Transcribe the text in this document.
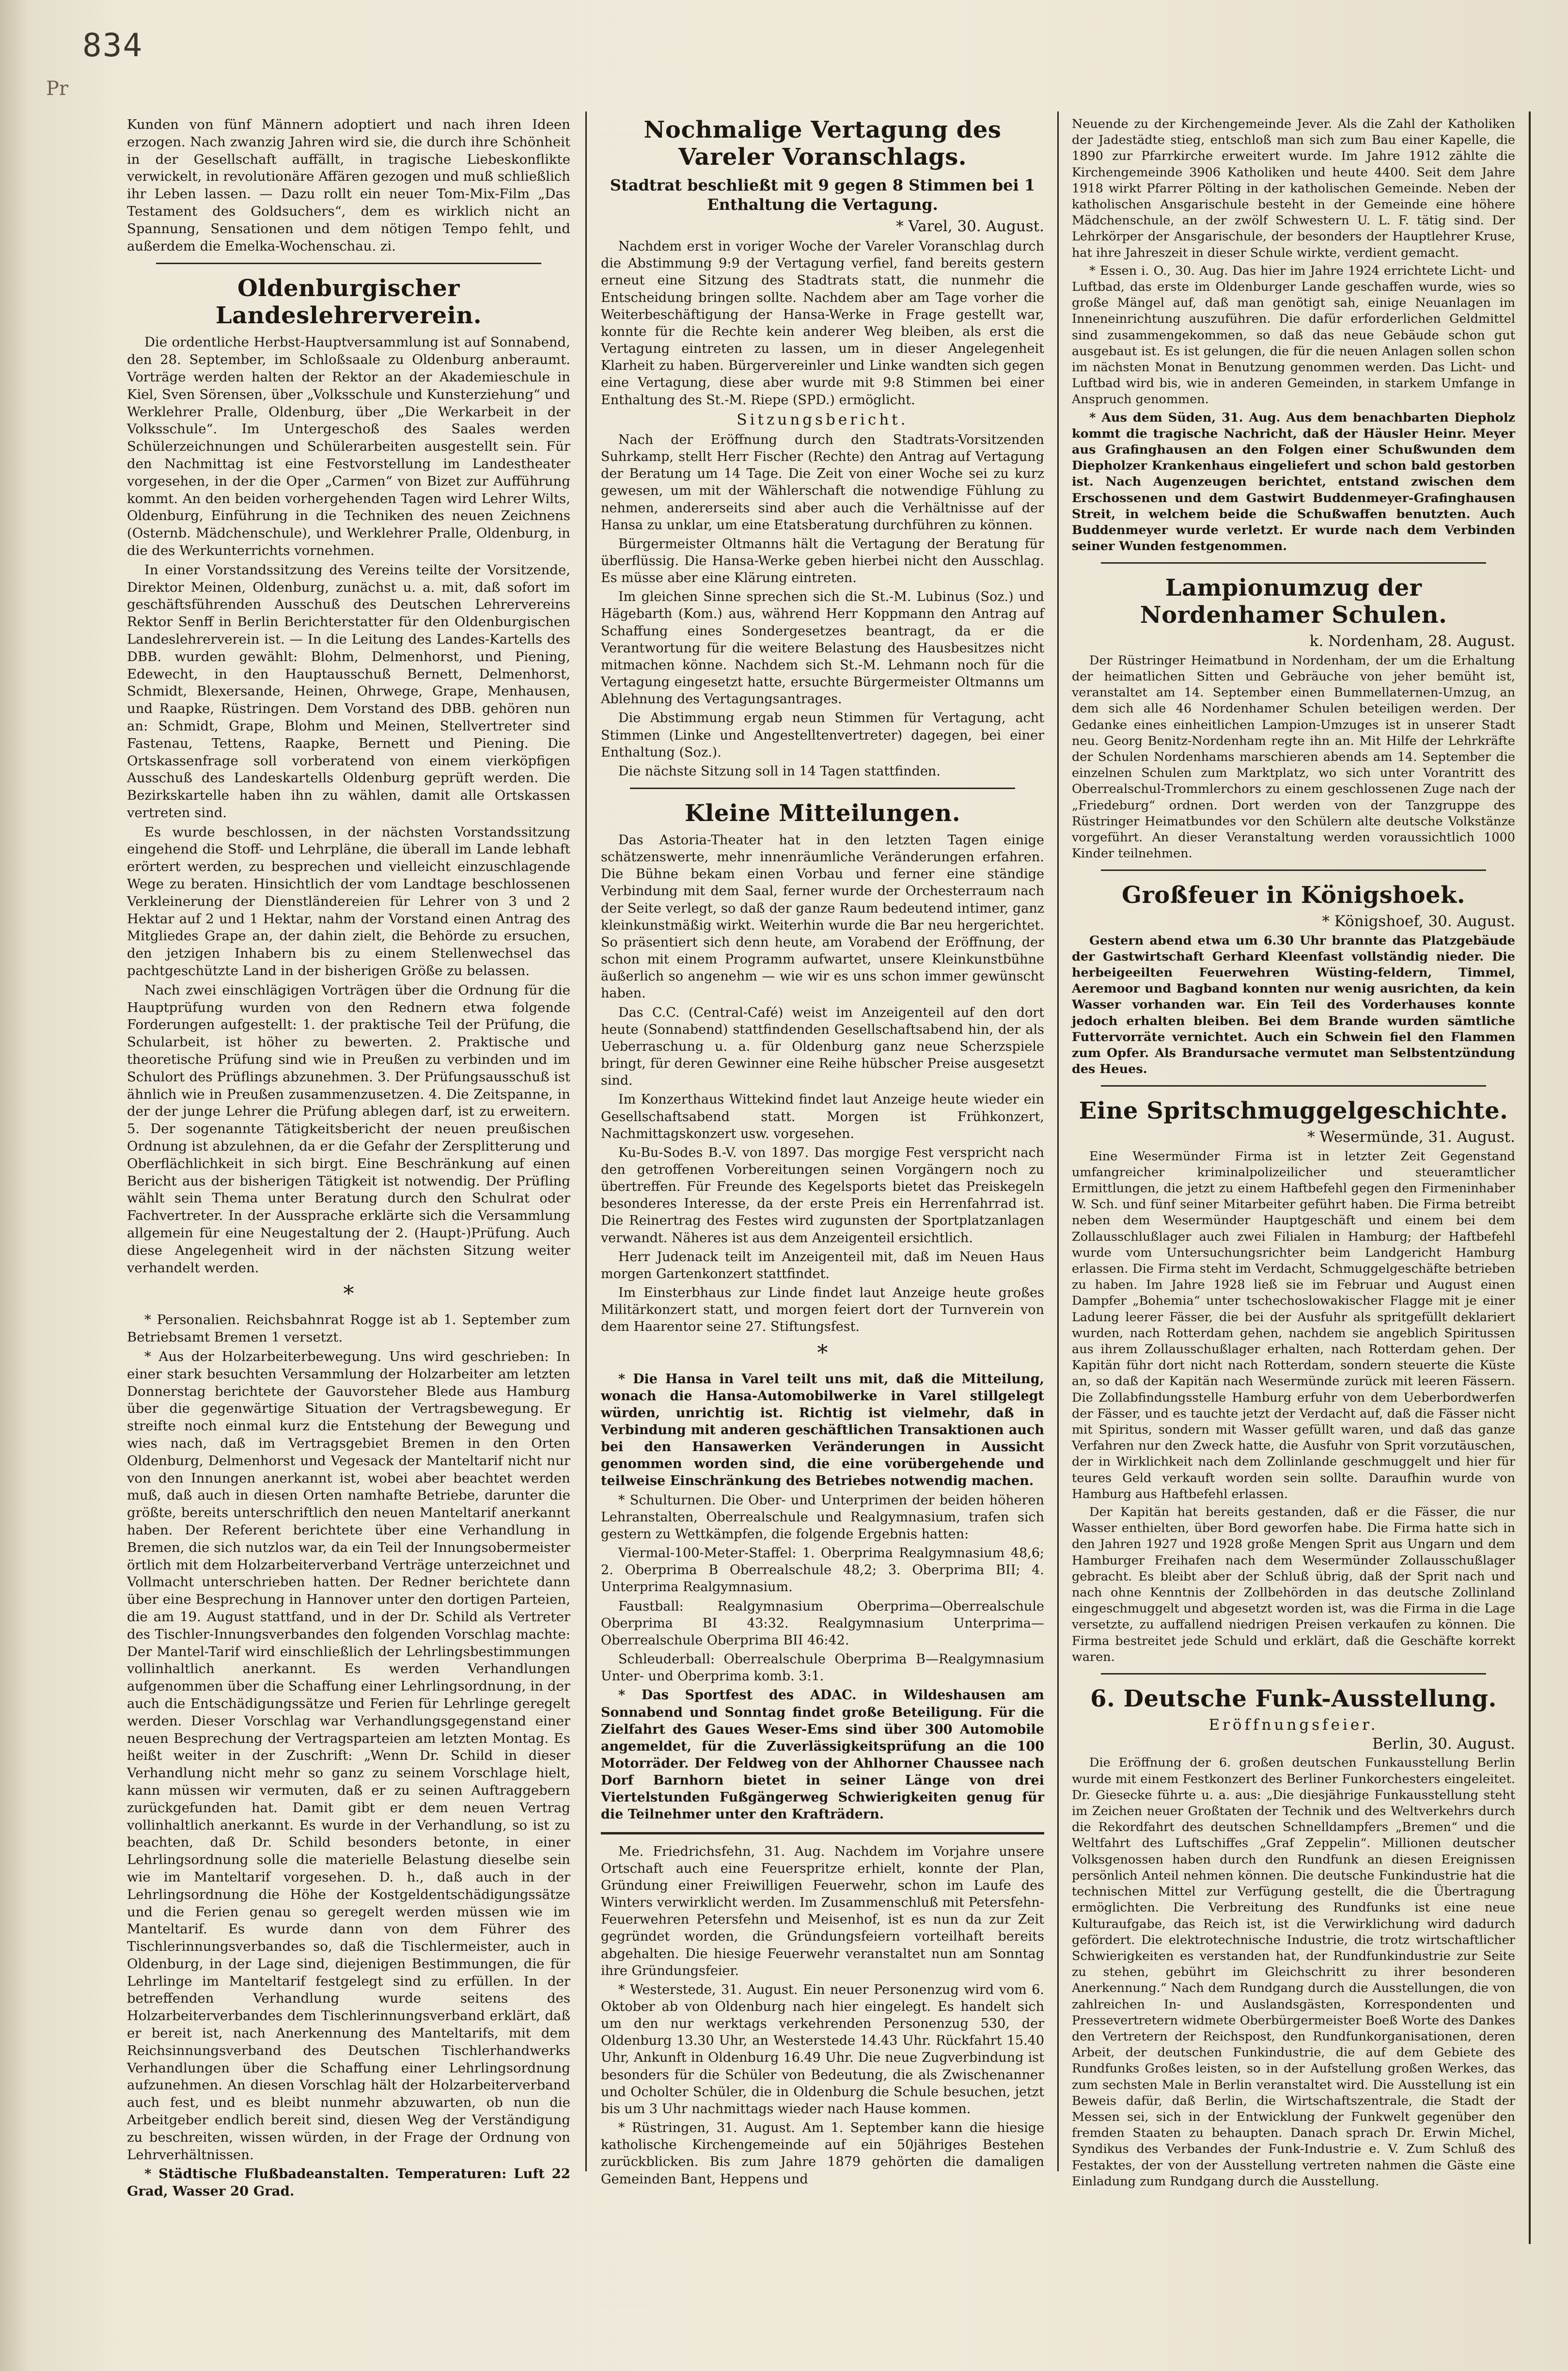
Pr
834

Kunden von fünf Männern adoptiert und nach ihren Ideen erzogen. Nach zwanzig Jahren wird sie, die durch ihre Schönheit in der Gesellschaft auffällt, in tragische Liebeskonflikte verwickelt, in revolutionäre Affären gezogen und muß schließlich ihr Leben lassen. — Dazu rollt ein neuer Tom-Mix-Film „Das Testament des Goldsuchers“, dem es wirklich nicht an Spannung, Sensationen und dem nötigen Tempo fehlt, und außerdem die Emelka-Wochenschau. zi.

Oldenburgischer Landeslehrerverein.

Die ordentliche Herbst-Hauptversammlung ist auf Sonnabend, den 28. September, im Schloßsaale zu Oldenburg anberaumt. Vorträge werden halten der Rektor an der Akademieschule in Kiel, Sven Sörensen, über „Volksschule und Kunsterziehung“ und Werklehrer Pralle, Oldenburg, über „Die Werkarbeit in der Volksschule“. Im Untergeschoß des Saales werden Schülerzeichnungen und Schülerarbeiten ausgestellt sein. Für den Nachmittag ist eine Festvorstellung im Landestheater vorgesehen, in der die Oper „Carmen“ von Bizet zur Aufführung kommt. An den beiden vorhergehenden Tagen wird Lehrer Wilts, Oldenburg, Einführung in die Techniken des neuen Zeichnens (Osternb. Mädchenschule), und Werklehrer Pralle, Oldenburg, in die des Werkunterrichts vornehmen.

In einer Vorstandssitzung des Vereins teilte der Vorsitzende, Direktor Meinen, Oldenburg, zunächst u. a. mit, daß sofort im geschäftsführenden Ausschuß des Deutschen Lehrervereins Rektor Senff in Berlin Berichterstatter für den Oldenburgischen Landeslehrerverein ist. — In die Leitung des Landes-Kartells des DBB. wurden gewählt: Blohm, Delmenhorst, und Piening, Edewecht, in den Hauptausschuß Bernett, Delmenhorst, Schmidt, Blexersande, Heinen, Ohrwege, Grape, Menhausen, und Raapke, Rüstringen. Dem Vorstand des DBB. gehören nun an: Schmidt, Grape, Blohm und Meinen, Stellvertreter sind Fastenau, Tettens, Raapke, Bernett und Piening. Die Ortskassenfrage soll vorberatend von einem vierköpfigen Ausschuß des Landeskartells Oldenburg geprüft werden. Die Bezirkskartelle haben ihn zu wählen, damit alle Ortskassen vertreten sind.

Es wurde beschlossen, in der nächsten Vorstandssitzung eingehend die Stoff- und Lehrpläne, die überall im Lande lebhaft erörtert werden, zu besprechen und vielleicht einzuschlagende Wege zu beraten. Hinsichtlich der vom Landtage beschlossenen Verkleinerung der Dienstländereien für Lehrer von 3 und 2 Hektar auf 2 und 1 Hektar, nahm der Vorstand einen Antrag des Mitgliedes Grape an, der dahin zielt, die Behörde zu ersuchen, den jetzigen Inhabern bis zu einem Stellenwechsel das pachtgeschützte Land in der bisherigen Größe zu belassen.

Nach zwei einschlägigen Vorträgen über die Ordnung für die Hauptprüfung wurden von den Rednern etwa folgende Forderungen aufgestellt: 1. der praktische Teil der Prüfung, die Schularbeit, ist höher zu bewerten. 2. Praktische und theoretische Prüfung sind wie in Preußen zu verbinden und im Schulort des Prüflings abzunehmen. 3. Der Prüfungsausschuß ist ähnlich wie in Preußen zusammenzusetzen. 4. Die Zeitspanne, in der der junge Lehrer die Prüfung ablegen darf, ist zu erweitern. 5. Der sogenannte Tätigkeitsbericht der neuen preußischen Ordnung ist abzulehnen, da er die Gefahr der Zersplitterung und Oberflächlichkeit in sich birgt. Eine Beschränkung auf einen Bericht aus der bisherigen Tätigkeit ist notwendig. Der Prüfling wählt sein Thema unter Beratung durch den Schulrat oder Fachvertreter. In der Aussprache erklärte sich die Versammlung allgemein für eine Neugestaltung der 2. (Haupt-)Prüfung. Auch diese Angelegenheit wird in der nächsten Sitzung weiter verhandelt werden.

*

* Personalien. Reichsbahnrat Rogge ist ab 1. September zum Betriebsamt Bremen 1 versetzt.

* Aus der Holzarbeiterbewegung. Uns wird geschrieben: In einer stark besuchten Versammlung der Holzarbeiter am letzten Donnerstag berichtete der Gauvorsteher Blede aus Hamburg über die gegenwärtige Situation der Vertragsbewegung. Er streifte noch einmal kurz die Entstehung der Bewegung und wies nach, daß im Vertragsgebiet Bremen in den Orten Oldenburg, Delmenhorst und Vegesack der Manteltarif nicht nur von den Innungen anerkannt ist, wobei aber beachtet werden muß, daß auch in diesen Orten namhafte Betriebe, darunter die größte, bereits unterschriftlich den neuen Manteltarif anerkannt haben. Der Referent berichtete über eine Verhandlung in Bremen, die sich nutzlos war, da ein Teil der Innungsobermeister örtlich mit dem Holzarbeiterverband Verträge unterzeichnet und Vollmacht unterschrieben hatten. Der Redner berichtete dann über eine Besprechung in Hannover unter den dortigen Parteien, die am 19. August stattfand, und in der Dr. Schild als Vertreter des Tischler-Innungsverbandes den folgenden Vorschlag machte: Der Mantel-Tarif wird einschließlich der Lehrlingsbestimmungen vollinhaltlich anerkannt. Es werden Verhandlungen aufgenommen über die Schaffung einer Lehrlingsordnung, in der auch die Entschädigungssätze und Ferien für Lehrlinge geregelt werden. Dieser Vorschlag war Verhandlungsgegenstand einer neuen Besprechung der Vertragsparteien am letzten Montag. Es heißt weiter in der Zuschrift: „Wenn Dr. Schild in dieser Verhandlung nicht mehr so ganz zu seinem Vorschlage hielt, kann müssen wir vermuten, daß er zu seinen Auftraggebern zurückgefunden hat. Damit gibt er dem neuen Vertrag vollinhaltlich anerkannt. Es wurde in der Verhandlung, so ist zu beachten, daß Dr. Schild besonders betonte, in einer Lehrlingsordnung solle die materielle Belastung dieselbe sein wie im Manteltarif vorgesehen. D. h., daß auch in der Lehrlingsordnung die Höhe der Kostgeldentschädigungssätze und die Ferien genau so geregelt werden müssen wie im Manteltarif. Es wurde dann von dem Führer des Tischlerinnungsverbandes so, daß die Tischlermeister, auch in Oldenburg, in der Lage sind, diejenigen Bestimmungen, die für Lehrlinge im Manteltarif festgelegt sind zu erfüllen. In der betreffenden Verhandlung wurde seitens des Holzarbeiterverbandes dem Tischlerinnungsverband erklärt, daß er bereit ist, nach Anerkennung des Manteltarifs, mit dem Reichsinnungsverband des Deutschen Tischlerhandwerks Verhandlungen über die Schaffung einer Lehrlingsordnung aufzunehmen. An diesen Vorschlag hält der Holzarbeiterverband auch fest, und es bleibt nunmehr abzuwarten, ob nun die Arbeitgeber endlich bereit sind, diesen Weg der Verständigung zu beschreiten, wissen würden, in der Frage der Ordnung von Lehrverhältnissen.

* Städtische Flußbadeanstalten. Temperaturen: Luft 22 Grad, Wasser 20 Grad.

Nochmalige Vertagung des Vareler Voranschlags.
Stadtrat beschließt mit 9 gegen 8 Stimmen bei 1 Enthaltung die Vertagung.
* Varel, 30. August.

Nachdem erst in voriger Woche der Vareler Voranschlag durch die Abstimmung 9:9 der Vertagung verfiel, fand bereits gestern erneut eine Sitzung des Stadtrats statt, die nunmehr die Entscheidung bringen sollte. Nachdem aber am Tage vorher die Weiterbeschäftigung der Hansa-Werke in Frage gestellt war, konnte für die Rechte kein anderer Weg bleiben, als erst die Vertagung eintreten zu lassen, um in dieser Angelegenheit Klarheit zu haben. Bürgervereinler und Linke wandten sich gegen eine Vertagung, diese aber wurde mit 9:8 Stimmen bei einer Enthaltung des St.-M. Riepe (SPD.) ermöglicht.

Sitzungsbericht.

Nach der Eröffnung durch den Stadtrats-Vorsitzenden Suhrkamp, stellt Herr Fischer (Rechte) den Antrag auf Vertagung der Beratung um 14 Tage. Die Zeit von einer Woche sei zu kurz gewesen, um mit der Wählerschaft die notwendige Fühlung zu nehmen, andererseits sind aber auch die Verhältnisse auf der Hansa zu unklar, um eine Etatsberatung durchführen zu können.

Bürgermeister Oltmanns hält die Vertagung der Beratung für überflüssig. Die Hansa-Werke geben hierbei nicht den Ausschlag. Es müsse aber eine Klärung eintreten.

Im gleichen Sinne sprechen sich die St.-M. Lubinus (Soz.) und Hägebarth (Kom.) aus, während Herr Koppmann den Antrag auf Schaffung eines Sondergesetzes beantragt, da er die Verantwortung für die weitere Belastung des Hausbesitzes nicht mitmachen könne. Nachdem sich St.-M. Lehmann noch für die Vertagung eingesetzt hatte, ersuchte Bürgermeister Oltmanns um Ablehnung des Vertagungsantrages.

Die Abstimmung ergab neun Stimmen für Vertagung, acht Stimmen (Linke und Angestelltenvertreter) dagegen, bei einer Enthaltung (Soz.).

Die nächste Sitzung soll in 14 Tagen stattfinden.

Kleine Mitteilungen.

Das Astoria-Theater hat in den letzten Tagen einige schätzenswerte, mehr innenräumliche Veränderungen erfahren. Die Bühne bekam einen Vorbau und ferner eine ständige Verbindung mit dem Saal, ferner wurde der Orchesterraum nach der Seite verlegt, so daß der ganze Raum bedeutend intimer, ganz kleinkunstmäßig wirkt. Weiterhin wurde die Bar neu hergerichtet. So präsentiert sich denn heute, am Vorabend der Eröffnung, der schon mit einem Programm aufwartet, unsere Kleinkunstbühne äußerlich so angenehm — wie wir es uns schon immer gewünscht haben.

Das C.C. (Central-Café) weist im Anzeigenteil auf den dort heute (Sonnabend) stattfindenden Gesellschaftsabend hin, der als Ueberraschung u. a. für Oldenburg ganz neue Scherzspiele bringt, für deren Gewinner eine Reihe hübscher Preise ausgesetzt sind.

Im Konzerthaus Wittekind findet laut Anzeige heute wieder ein Gesellschaftsabend statt. Morgen ist Frühkonzert, Nachmittagskonzert usw. vorgesehen.

Ku-Bu-Sodes B.-V. von 1897. Das morgige Fest verspricht nach den getroffenen Vorbereitungen seinen Vorgängern noch zu übertreffen. Für Freunde des Kegelsports bietet das Preiskegeln besonderes Interesse, da der erste Preis ein Herrenfahrrad ist. Die Reinertrag des Festes wird zugunsten der Sportplatzanlagen verwandt. Näheres ist aus dem Anzeigenteil ersichtlich.

Herr Judenack teilt im Anzeigenteil mit, daß im Neuen Haus morgen Gartenkonzert stattfindet.

Im Einsterbhaus zur Linde findet laut Anzeige heute großes Militärkonzert statt, und morgen feiert dort der Turnverein von dem Haarentor seine 27. Stiftungsfest.

*

* Die Hansa in Varel teilt uns mit, daß die Mitteilung, wonach die Hansa-Automobilwerke in Varel stillgelegt würden, unrichtig ist. Richtig ist vielmehr, daß in Verbindung mit anderen geschäftlichen Transaktionen auch bei den Hansawerken Veränderungen in Aussicht genommen worden sind, die eine vorübergehende und teilweise Einschränkung des Betriebes notwendig machen.

* Schulturnen. Die Ober- und Unterprimen der beiden höheren Lehranstalten, Oberrealschule und Realgymnasium, trafen sich gestern zu Wettkämpfen, die folgende Ergebnis hatten:

Viermal-100-Meter-Staffel: 1. Oberprima Realgymnasium 48,6; 2. Oberprima B Oberrealschule 48,2; 3. Oberprima BII; 4. Unterprima Realgymnasium.

Faustball: Realgymnasium Oberprima—Oberrealschule Oberprima BI 43:32. Realgymnasium Unterprima—Oberrealschule Oberprima BII 46:42.

Schleuderball: Oberrealschule Oberprima B—Realgymnasium Unter- und Oberprima komb. 3:1.

* Das Sportfest des ADAC. in Wildeshausen am Sonnabend und Sonntag findet große Beteiligung. Für die Zielfahrt des Gaues Weser-Ems sind über 300 Automobile angemeldet, für die Zuverlässigkeitsprüfung an die 100 Motorräder. Der Feldweg von der Ahlhorner Chaussee nach Dorf Barnhorn bietet in seiner Länge von drei Viertelstunden Fußgängerweg Schwierigkeiten genug für die Teilnehmer unter den Krafträdern.

Me. Friedrichsfehn, 31. Aug. Nachdem im Vorjahre unsere Ortschaft auch eine Feuerspritze erhielt, konnte der Plan, Gründung einer Freiwilligen Feuerwehr, schon im Laufe des Winters verwirklicht werden. Im Zusammenschluß mit Petersfehn-Feuerwehren Petersfehn und Meisenhof, ist es nun da zur Zeit gegründet worden, die Gründungsfeiern vorteilhaft bereits abgehalten. Die hiesige Feuerwehr veranstaltet nun am Sonntag ihre Gründungsfeier.

* Westerstede, 31. August. Ein neuer Personenzug wird vom 6. Oktober ab von Oldenburg nach hier eingelegt. Es handelt sich um den nur werktags verkehrenden Personenzug 530, der Oldenburg 13.30 Uhr, an Westerstede 14.43 Uhr. Rückfahrt 15.40 Uhr, Ankunft in Oldenburg 16.49 Uhr. Die neue Zugverbindung ist besonders für die Schüler von Bedeutung, die als Zwischenanner und Ocholter Schüler, die in Oldenburg die Schule besuchen, jetzt bis um 3 Uhr nachmittags wieder nach Hause kommen.

* Rüstringen, 31. August. Am 1. September kann die hiesige katholische Kirchengemeinde auf ein 50jähriges Bestehen zurückblicken. Bis zum Jahre 1879 gehörten die damaligen Gemeinden Bant, Heppens und

Neuende zu der Kirchengemeinde Jever. Als die Zahl der Katholiken der Jadestädte stieg, entschloß man sich zum Bau einer Kapelle, die 1890 zur Pfarrkirche erweitert wurde. Im Jahre 1912 zählte die Kirchengemeinde 3906 Katholiken und heute 4400. Seit dem Jahre 1918 wirkt Pfarrer Pölting in der katholischen Gemeinde. Neben der katholischen Ansgarischule besteht in der Gemeinde eine höhere Mädchenschule, an der zwölf Schwestern U. L. F. tätig sind. Der Lehrkörper der Ansgarischule, der besonders der Hauptlehrer Kruse, hat ihre Jahreszeit in dieser Schule wirkte, verdient gemacht.

* Essen i. O., 30. Aug. Das hier im Jahre 1924 errichtete Licht- und Luftbad, das erste im Oldenburger Lande geschaffen wurde, wies so große Mängel auf, daß man genötigt sah, einige Neuanlagen im Inneneinrichtung auszuführen. Die dafür erforderlichen Geldmittel sind zusammengekommen, so daß das neue Gebäude schon gut ausgebaut ist. Es ist gelungen, die für die neuen Anlagen sollen schon im nächsten Monat in Benutzung genommen werden. Das Licht- und Luftbad wird bis, wie in anderen Gemeinden, in starkem Umfange in Anspruch genommen.

* Aus dem Süden, 31. Aug. Aus dem benachbarten Diepholz kommt die tragische Nachricht, daß der Häusler Heinr. Meyer aus Grafinghausen an den Folgen einer Schußwunden dem Diepholzer Krankenhaus eingeliefert und schon bald gestorben ist. Nach Augenzeugen berichtet, entstand zwischen dem Erschossenen und dem Gastwirt Buddenmeyer-Grafinghausen Streit, in welchem beide die Schußwaffen benutzten. Auch Buddenmeyer wurde verletzt. Er wurde nach dem Verbinden seiner Wunden festgenommen.

Lampionumzug der Nordenhamer Schulen.
k. Nordenham, 28. August.

Der Rüstringer Heimatbund in Nordenham, der um die Erhaltung der heimatlichen Sitten und Gebräuche von jeher bemüht ist, veranstaltet am 14. September einen Bummellaternen-Umzug, an dem sich alle 46 Nordenhamer Schulen beteiligen werden. Der Gedanke eines einheitlichen Lampion-Umzuges ist in unserer Stadt neu. Georg Benitz-Nordenham regte ihn an. Mit Hilfe der Lehrkräfte der Schulen Nordenhams marschieren abends am 14. September die einzelnen Schulen zum Marktplatz, wo sich unter Vorantritt des Oberrealschul-Trommlerchors zu einem geschlossenen Zuge nach der „Friedeburg“ ordnen. Dort werden von der Tanzgruppe des Rüstringer Heimatbundes vor den Schülern alte deutsche Volkstänze vorgeführt. An dieser Veranstaltung werden voraussichtlich 1000 Kinder teilnehmen.

Großfeuer in Königshoek.
* Königshoef, 30. August.

Gestern abend etwa um 6.30 Uhr brannte das Platzgebäude der Gastwirtschaft Gerhard Kleenfast vollständig nieder. Die herbeigeeilten Feuerwehren Wüsting-feldern, Timmel, Aeremoor und Bagband konnten nur wenig ausrichten, da kein Wasser vorhanden war. Ein Teil des Vorderhauses konnte jedoch erhalten bleiben. Bei dem Brande wurden sämtliche Futtervorräte vernichtet. Auch ein Schwein fiel den Flammen zum Opfer. Als Brandursache vermutet man Selbstentzündung des Heues.

Eine Spritschmuggelgeschichte.
* Wesermünde, 31. August.

Eine Wesermünder Firma ist in letzter Zeit Gegenstand umfangreicher kriminalpolizeilicher und steueramtlicher Ermittlungen, die jetzt zu einem Haftbefehl gegen den Firmeninhaber W. Sch. und fünf seiner Mitarbeiter geführt haben. Die Firma betreibt neben dem Wesermünder Hauptgeschäft und einem bei dem Zollausschlußlager auch zwei Filialen in Hamburg; der Haftbefehl wurde vom Untersuchungsrichter beim Landgericht Hamburg erlassen. Die Firma steht im Verdacht, Schmuggelgeschäfte betrieben zu haben. Im Jahre 1928 ließ sie im Februar und August einen Dampfer „Bohemia“ unter tschechoslowakischer Flagge mit je einer Ladung leerer Fässer, die bei der Ausfuhr als spritgefüllt deklariert wurden, nach Rotterdam gehen, nachdem sie angeblich Spiritussen aus ihrem Zollausschußlager erhalten, nach Rotterdam gehen. Der Kapitän führ dort nicht nach Rotterdam, sondern steuerte die Küste an, so daß der Kapitän nach Wesermünde zurück mit leeren Fässern. Die Zollabfindungsstelle Hamburg erfuhr von dem Ueberbordwerfen der Fässer, und es tauchte jetzt der Verdacht auf, daß die Fässer nicht mit Spiritus, sondern mit Wasser gefüllt waren, und daß das ganze Verfahren nur den Zweck hatte, die Ausfuhr von Sprit vorzutäuschen, der in Wirklichkeit nach dem Zollinlande geschmuggelt und hier für teures Geld verkauft worden sein sollte. Daraufhin wurde von Hamburg aus Haftbefehl erlassen.

Der Kapitän hat bereits gestanden, daß er die Fässer, die nur Wasser enthielten, über Bord geworfen habe. Die Firma hatte sich in den Jahren 1927 und 1928 große Mengen Sprit aus Ungarn und dem Hamburger Freihafen nach dem Wesermünder Zollausschußlager gebracht. Es bleibt aber der Schluß übrig, daß der Sprit nach und nach ohne Kenntnis der Zollbehörden in das deutsche Zollinland eingeschmuggelt und abgesetzt worden ist, was die Firma in die Lage versetzte, zu auffallend niedrigen Preisen verkaufen zu können. Die Firma bestreitet jede Schuld und erklärt, daß die Geschäfte korrekt waren.

6. Deutsche Funk-Ausstellung.
Eröffnungsfeier.
Berlin, 30. August.

Die Eröffnung der 6. großen deutschen Funkausstellung Berlin wurde mit einem Festkonzert des Berliner Funkorchesters eingeleitet. Dr. Giesecke führte u. a. aus: „Die diesjährige Funkausstellung steht im Zeichen neuer Großtaten der Technik und des Weltverkehrs durch die Rekordfahrt des deutschen Schnelldampfers „Bremen“ und die Weltfahrt des Luftschiffes „Graf Zeppelin“. Millionen deutscher Volksgenossen haben durch den Rundfunk an diesen Ereignissen persönlich Anteil nehmen können. Die deutsche Funkindustrie hat die technischen Mittel zur Verfügung gestellt, die die Übertragung ermöglichten. Die Verbreitung des Rundfunks ist eine neue Kulturaufgabe, das Reich ist, ist die Verwirklichung wird dadurch gefördert. Die elektrotechnische Industrie, die trotz wirtschaftlicher Schwierigkeiten es verstanden hat, der Rundfunkindustrie zur Seite zu stehen, gebührt im Gleichschritt zu ihrer besonderen Anerkennung.“ Nach dem Rundgang durch die Ausstellungen, die von zahlreichen In- und Auslandsgästen, Korrespondenten und Pressevertretern widmete Oberbürgermeister Boeß Worte des Dankes den Vertretern der Reichspost, den Rundfunkorganisationen, deren Arbeit, der deutschen Funkindustrie, die auf dem Gebiete des Rundfunks Großes leisten, so in der Aufstellung großen Werkes, das zum sechsten Male in Berlin veranstaltet wird. Die Ausstellung ist ein Beweis dafür, daß Berlin, die Wirtschaftszentrale, die Stadt der Messen sei, sich in der Entwicklung der Funkwelt gegenüber den fremden Staaten zu behaupten. Danach sprach Dr. Erwin Michel, Syndikus des Verbandes der Funk-Industrie e. V. Zum Schluß des Festaktes, der von der Ausstellung vertreten nahmen die Gäste eine Einladung zum Rundgang durch die Ausstellung.
